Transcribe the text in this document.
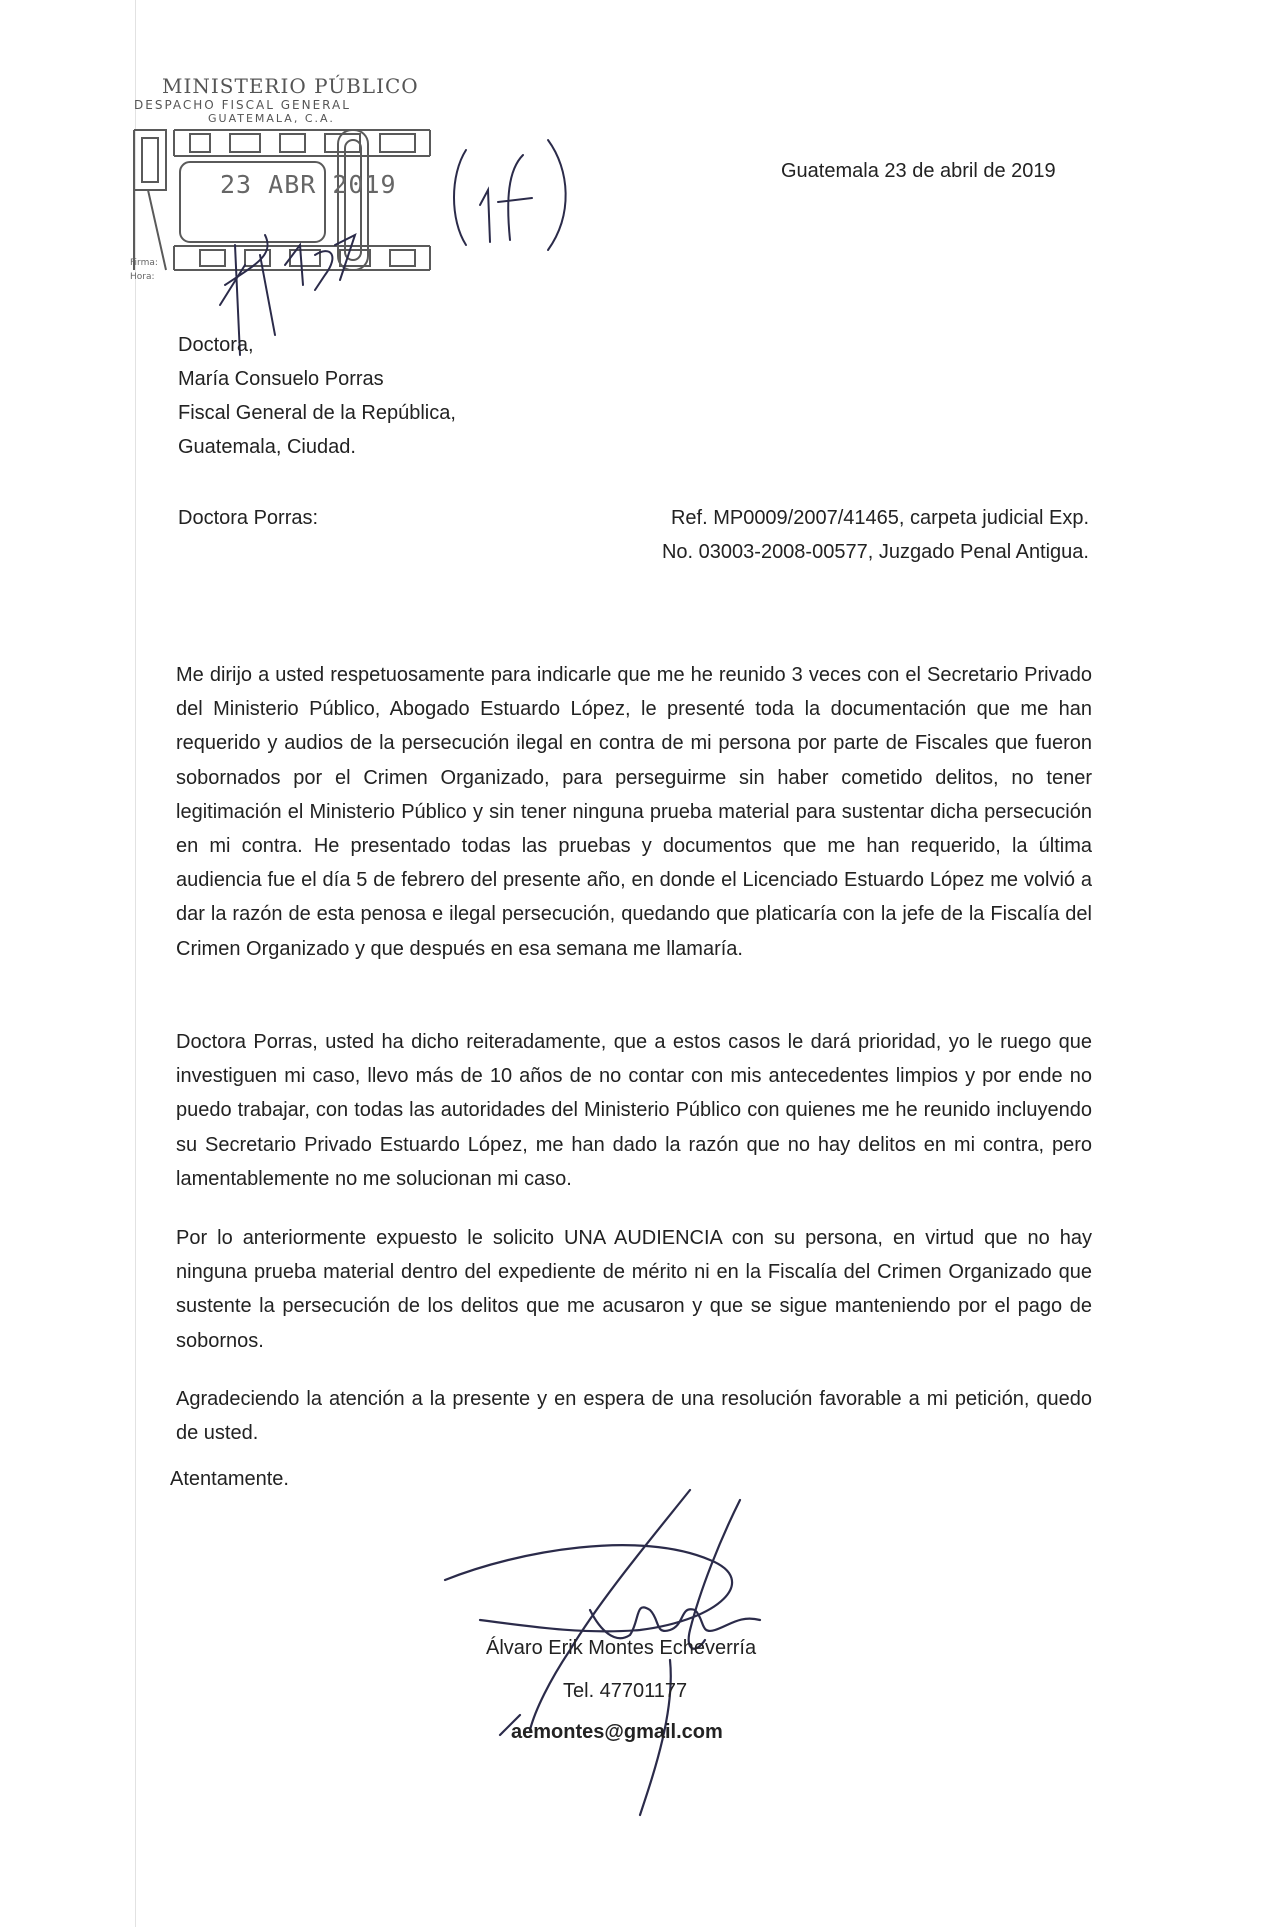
MINISTERIO PÚBLICO
DESPACHO FISCAL GENERAL
GUATEMALA, C.A.
23 ABR 2019
Firma:
Hora:
Guatemala 23 de abril de 2019
Doctora,
María Consuelo Porras
Fiscal General de la República,
Guatemala, Ciudad.
Doctora Porras:	Ref. MP0009/2007/41465, carpeta judicial Exp.
No. 03003-2008-00577, Juzgado Penal Antigua.
Me dirijo a usted respetuosamente para indicarle que me he reunido 3 veces con el Secretario Privado del Ministerio Público, Abogado Estuardo López, le presenté toda la documentación que me han requerido y audios de la persecución ilegal en contra de mi persona por parte de Fiscales que fueron sobornados por el Crimen Organizado, para perseguirme sin haber cometido delitos, no tener legitimación el Ministerio Público y sin tener ninguna prueba material para sustentar dicha persecución en mi contra. He presentado todas las pruebas y documentos que me han requerido, la última audiencia fue el día 5 de febrero del presente año, en donde el Licenciado Estuardo López me volvió a dar la razón de esta penosa e ilegal persecución, quedando que platicaría con la jefe de la Fiscalía del Crimen Organizado y que después en esa semana me llamaría.
Doctora Porras, usted ha dicho reiteradamente, que a estos casos le dará prioridad, yo le ruego que investiguen mi caso, llevo más de 10 años de no contar con mis antecedentes limpios y por ende no puedo trabajar, con todas las autoridades del Ministerio Público con quienes me he reunido incluyendo su Secretario Privado Estuardo López, me han dado la razón que no hay delitos en mi contra, pero lamentablemente no me solucionan mi caso.
Por lo anteriormente expuesto le solicito UNA AUDIENCIA con su persona, en virtud que no hay ninguna prueba material dentro del expediente de mérito ni en la Fiscalía del Crimen Organizado que sustente la persecución de los delitos que me acusaron y que se sigue manteniendo por el pago de sobornos.
Agradeciendo la atención a la presente y en espera de una resolución favorable a mi petición, quedo de usted.
Atentamente.
Álvaro Erik Montes Echeverría
Tel. 47701177
aemontes@gmail.com
